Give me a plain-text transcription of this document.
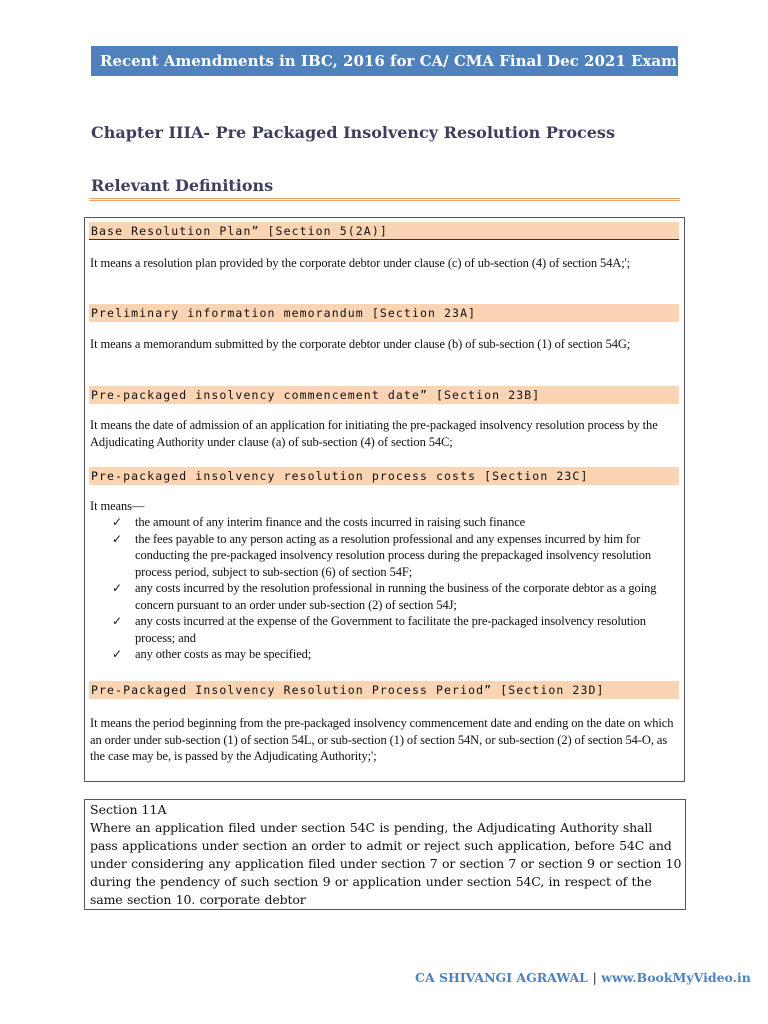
Recent Amendments in IBC, 2016 for CA/ CMA Final Dec 2021 Exam
Chapter IIIA- Pre Packaged Insolvency Resolution Process
Relevant Definitions
Base Resolution Plan” [Section 5(2A)]
It means a resolution plan provided by the corporate debtor under clause (c) of ub-section (4) of section 54A;';
Preliminary information memorandum [Section 23A]
It means a memorandum submitted by the corporate debtor under clause (b) of sub-section (1) of section 54G;
Pre-packaged insolvency commencement date” [Section 23B]
It means the date of admission of an application for initiating the pre-packaged insolvency resolution process by the Adjudicating Authority under clause (a) of sub-section (4) of section 54C;
Pre-packaged insolvency resolution process costs [Section 23C]
It means—
✓ the amount of any interim finance and the costs incurred in raising such finance
✓ the fees payable to any person acting as a resolution professional and any expenses incurred by him for conducting the pre-packaged insolvency resolution process during the prepackaged insolvency resolution process period, subject to sub-section (6) of section 54F;
✓ any costs incurred by the resolution professional in running the business of the corporate debtor as a going concern pursuant to an order under sub-section (2) of section 54J;
✓ any costs incurred at the expense of the Government to facilitate the pre-packaged insolvency resolution process; and
✓ any other costs as may be specified;
Pre-Packaged Insolvency Resolution Process Period” [Section 23D]
It means the period beginning from the pre-packaged insolvency commencement date and ending on the date on which an order under sub-section (1) of section 54L, or sub-section (1) of section 54N, or sub-section (2) of section 54-O, as the case may be, is passed by the Adjudicating Authority;';
Section 11A
Where an application filed under section 54C is pending, the Adjudicating Authority shall pass applications under section an order to admit or reject such application, before 54C and under considering any application filed under section 7 or section 7 or section 9 or section 10 during the pendency of such section 9 or application under section 54C, in respect of the same section 10. corporate debtor
CA SHIVANGI AGRAWAL | www.BookMyVideo.in
